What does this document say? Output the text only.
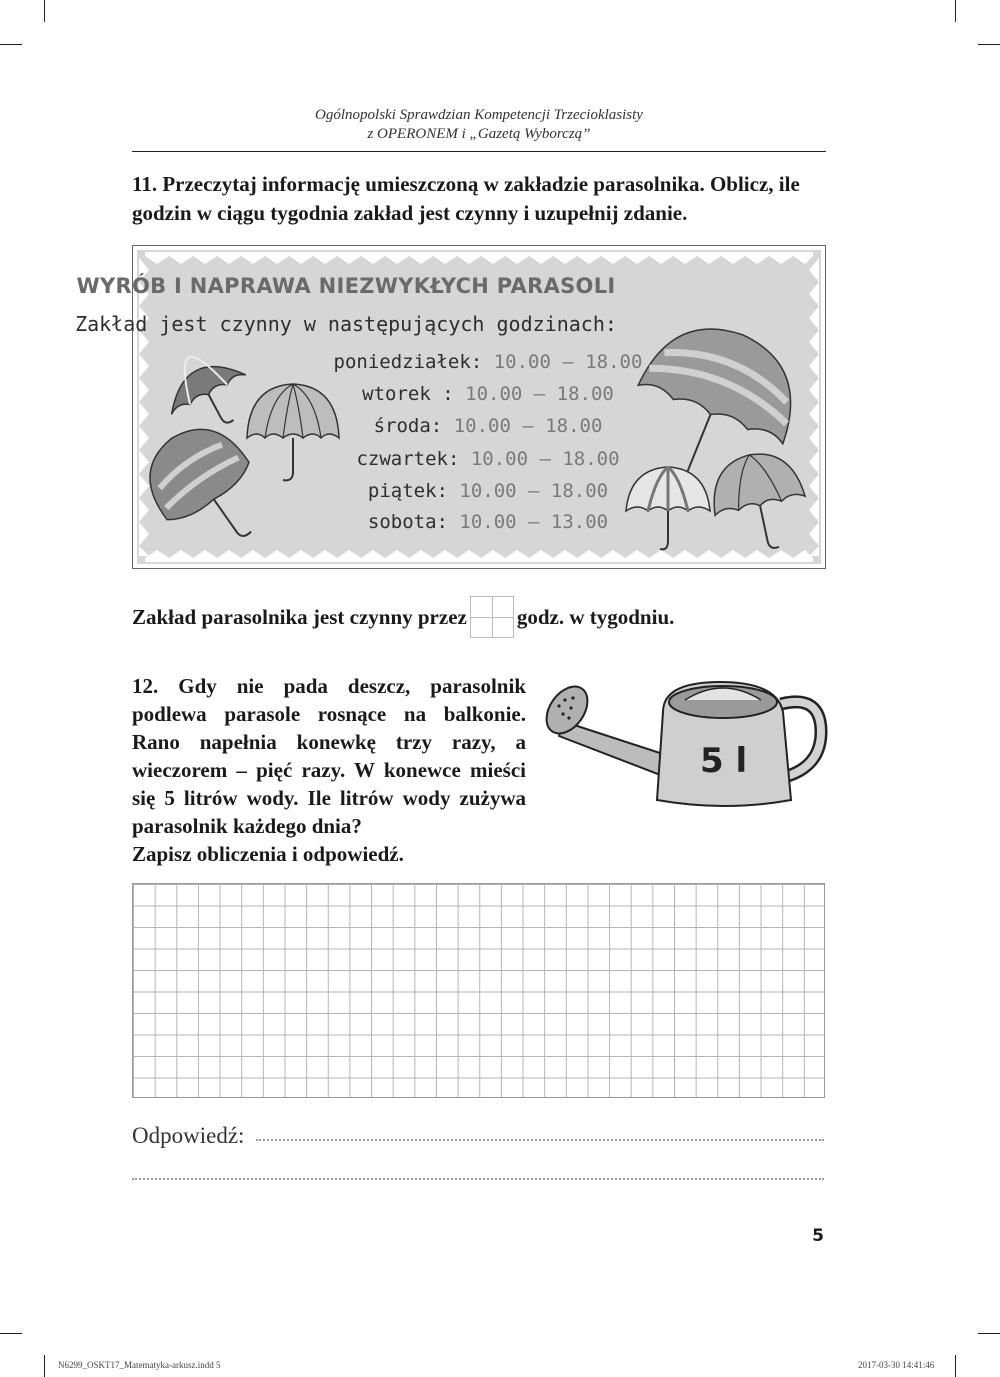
Ogólnopolski Sprawdzian Kompetencji Trzecioklasisty
z OPERONEM i „Gazetą Wyborczą”
11. Przeczytaj informację umieszczoną w zakładzie parasolnika. Oblicz, ile godzin w ciągu tygodnia zakład jest czynny i uzupełnij zdanie.
WYRÓB I NAPRAWA NIEZWYKŁYCH PARASOLI
Zakład jest czynny w następujących godzinach:
poniedziałek: 10.00 – 18.00
wtorek : 10.00 – 18.00
środa: 10.00 – 18.00
czwartek: 10.00 – 18.00
piątek: 10.00 – 18.00
sobota: 10.00 – 13.00
Zakład parasolnika jest czynny przez godz. w tygodniu.
12. Gdy nie pada deszcz, parasolnik podlewa parasole rosnące na balkonie. Rano napełnia konewkę trzy razy, a wieczorem – pięć razy. W konewce mieści się 5 litrów wody. Ile litrów wody zużywa parasolnik każdego dnia?
Zapisz obliczenia i odpowiedź.
5 l
Odpowiedź:
5
N6299_OSKT17_Matematyka-arkusz.indd 5	2017-03-30 14:41:46
